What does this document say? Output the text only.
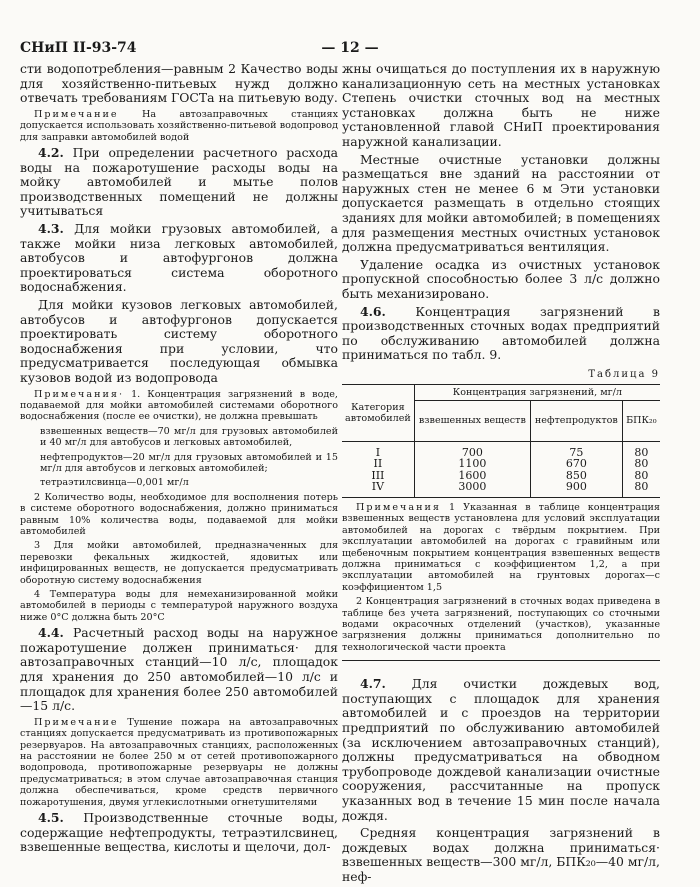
— 12 —
СНиП II-93-74

сти водопотребления—равным 2 Качество воды для хозяйственно-питьевых нужд должно отвечать требованиям ГОСТа на питьевую воду.

Примечание На автозаправочных станциях допускается использовать хозяйственно-питьевой водопровод для заправки автомобилей водой

4.2. При определении расчетного расхода воды на пожаротушение расходы воды на мойку автомобилей и мытье полов производственных помещений не должны учитываться

4.3. Для мойки грузовых автомобилей, а также мойки низа легковых автомобилей, автобусов и автофургонов должна проектироваться система оборотного водоснабжения.

Для мойки кузовов легковых автомобилей, автобусов и автофургонов допускается проектировать систему оборотного водоснабжения при условии, что предусматривается последующая обмывка кузовов водой из водопровода

Примечания· 1. Концентрация загрязнений в воде, подаваемой для мойки автомобилей системами оборотного водоснабжения (после ее очистки), не должна превышать

взвешенных веществ—70 мг/л для грузовых автомобилей и 40 мг/л для автобусов и легковых автомобилей,

нефтепродуктов—20 мг/л для грузовых автомобилей и 15 мг/л для автобусов и легковых автомобилей;

тетраэтилсвинца—0,001 мг/л

2 Количество воды, необходимое для восполнения потерь в системе оборотного водоснабжения, должно приниматься равным 10% количества воды, подаваемой для мойки автомобилей

3 Для мойки автомобилей, предназначенных для перевозки фекальных жидкостей, ядовитых или инфицированных веществ, не допускается предусматривать оборотную систему водоснабжения

4 Температура воды для немеханизированной мойки автомобилей в периоды с температурой наружного воздуха ниже 0°С должна быть 20°С

4.4. Расчетный расход воды на наружное пожаротушение должен приниматься· для автозаправочных станций—10 л/с, площадок для хранения до 250 автомобилей—10 л/с и площадок для хранения более 250 автомобилей—15 л/с.

Примечание Тушение пожара на автозаправочных станциях допускается предусматривать из противопожарных резервуаров. На автозаправочных станциях, расположенных на расстоянии не более 250 м от сетей противопожарного водопровода, противопожарные резервуары не должны предусматриваться; в этом случае автозаправочная станция должна обеспечиваться, кроме средств первичного пожаротушения, двумя углекислотными огнетушителями

4.5. Производственные сточные воды, содержащие нефтепродукты, тетраэтилсвинец, взвешенные вещества, кислоты и щелочи, дол-

жны очищаться до поступления их в наружную канализационную сеть на местных установках Степень очистки сточных вод на местных установках должна быть не ниже установленной главой СНиП проектирования наружной канализации.

Местные очистные установки должны размещаться вне зданий на расстоянии от наружных стен не менее 6 м Эти установки допускается размещать в отдельно стоящих зданиях для мойки автомобилей; в помещениях для размещения местных очистных установок должна предусматриваться вентиляция.

Удаление осадка из очистных установок пропускной способностью более 3 л/с должно быть механизировано.

4.6. Концентрация загрязнений в производственных сточных водах предприятий по обслуживанию автомобилей должна приниматься по табл. 9.

Таблица 9
Категория автомобилей	Концентрация загрязнений, мг/л		
	взвешенных веществ	нефтепродуктов	БПК₂₀
I	700	75	80
II	1100	670	80
III	1600	850	80
IV	3000	900	80

Примечания 1 Указанная в таблице концентрация взвешенных веществ установлена для условий эксплуатации автомобилей на дорогах с твёрдым покрытием. При эксплуатации автомобилей на дорогах с гравийным или щебеночным покрытием концентрация взвешенных веществ должна приниматься с коэффициентом 1,2, а при эксплуатации автомобилей на грунтовых дорогах—с коэффициентом 1,5

2 Концентрация загрязнений в сточных водах приведена в таблице без учета загрязнений, поступающих со сточными водами окрасочных отделений (участков), указанные загрязнения должны приниматься дополнительно по технологической части проекта

4.7. Для очистки дождевых вод, поступающих с площадок для хранения автомобилей и с проездов на территории предприятий по обслуживанию автомобилей (за исключением автозаправочных станций), должны предусматриваться на обводном трубопроводе дождевой канализации очистные сооружения, рассчитанные на пропуск указанных вод в течение 15 мин после начала дождя.

Средняя концентрация загрязнений в дождевых водах должна приниматься· взвешенных веществ—300 мг/л, БПК₂₀—40 мг/л, неф-
